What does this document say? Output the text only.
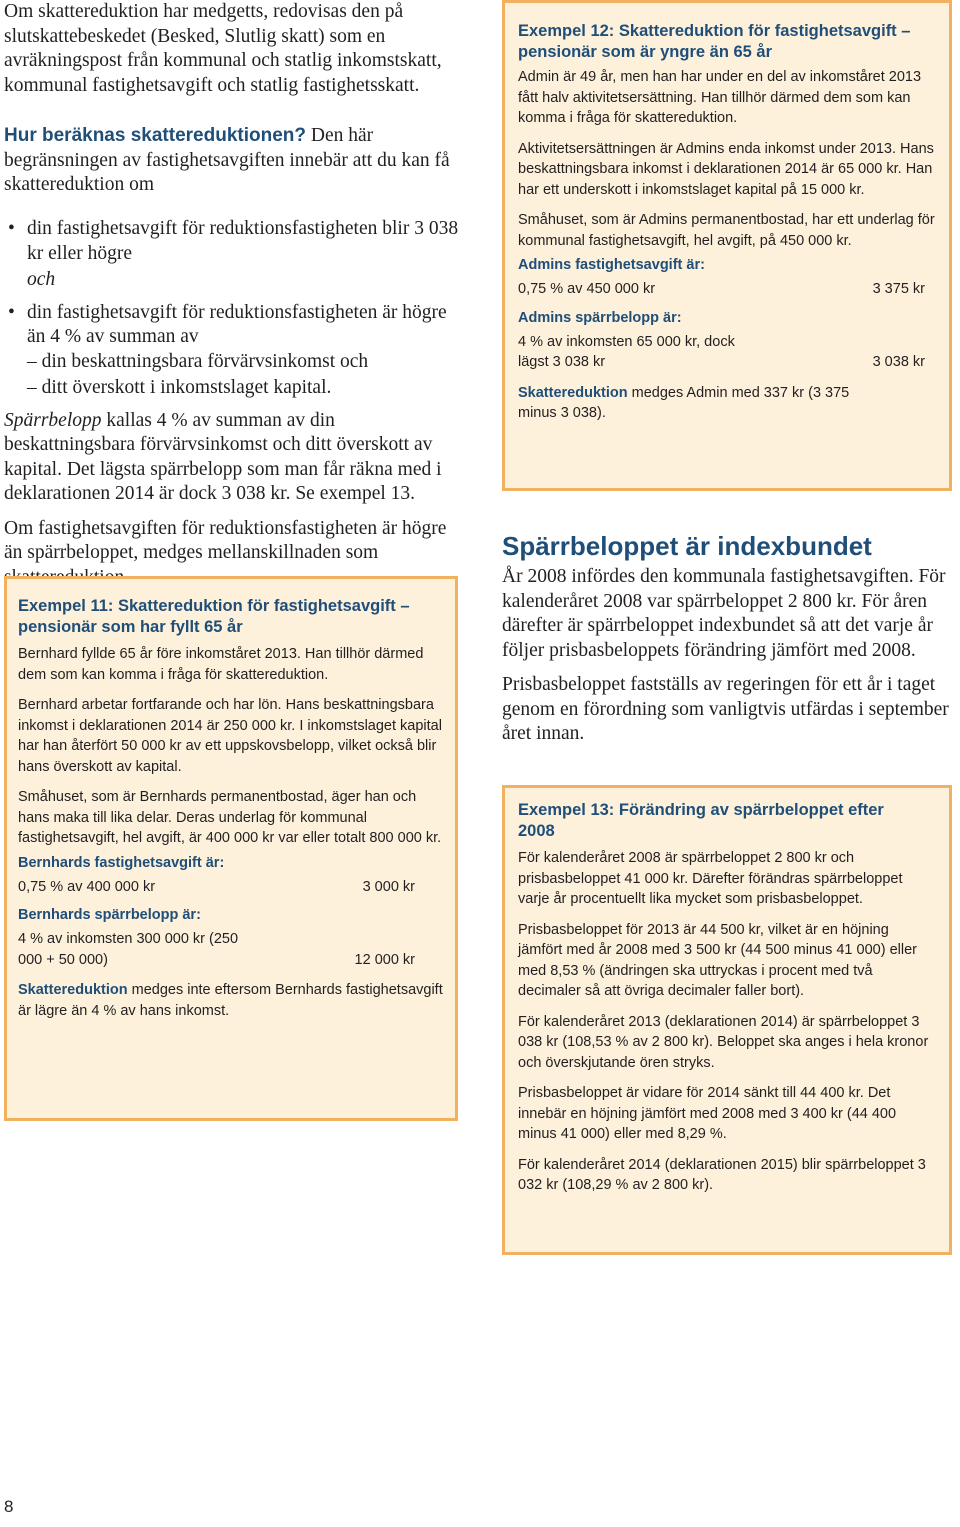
Om skattereduktion har medgetts, redovisas den på slutskattebeskedet (Besked, Slutlig skatt) som en avräkningspost från kommunal och statlig inkomstskatt, kommunal fastighetsavgift och statlig fastighetsskatt.

Hur beräknas skattereduktionen? Den här begränsningen av fastighetsavgiften innebär att du kan få skattereduktion om

• din fastighetsavgift för reduktionsfastigheten blir 3 038 kr eller högre
och
• din fastighetsavgift för reduktionsfastigheten är högre än 4 % av summan av
– din beskattningsbara förvärvsinkomst och
– ditt överskott i inkomstslaget kapital.

Spärrbelopp kallas 4 % av summan av din beskattningsbara förvärvsinkomst och ditt överskott av kapital. Det lägsta spärrbelopp som man får räkna med i deklarationen 2014 är dock 3 038 kr. Se exempel 13.

Om fastighetsavgiften för reduktionsfastigheten är högre än spärrbeloppet, medges mellanskillnaden som

Exempel 11: Skattereduktion för fastighetsavgift – pensionär som har fyllt 65 år

Bernhard fyllde 65 år före inkomståret 2013. Han tillhör därmed dem som kan komma i fråga för skattereduktion.

Bernhard arbetar fortfarande och har lön. Hans beskattningsbara inkomst i deklarationen 2014 är 250 000 kr. I inkomstslaget kapital har han återfört 50 000 kr av ett uppskovsbelopp, vilket också blir hans överskott av kapital.

Småhuset, som är Bernhards permanentbostad, äger han och hans maka till lika delar. Deras underlag för kommunal fastighetsavgift, hel avgift, är 400 000 kr var eller totalt 800 000 kr.

Bernhards fastighetsavgift är:

0,75 % av 400 000 kr	3 000 kr

Bernhards spärrbelopp är:

4 % av inkomsten 300 000 kr (250 000 + 50 000)	12 000 kr

Skattereduktion medges inte eftersom Bernhards fastighetsavgift är lägre än 4 % av hans inkomst.

Exempel 12: Skattereduktion för fastighetsavgift – pensionär som är yngre än 65 år

Admin är 49 år, men han har under en del av inkomståret 2013 fått halv aktivitetsersättning. Han tillhör därmed dem som kan komma i fråga för skattereduktion.

Aktivitetsersättningen är Admins enda inkomst under 2013. Hans beskattningsbara inkomst i deklarationen 2014 är 65 000 kr. Han har ett underskott i inkomstslaget kapital på 15 000 kr.

Småhuset, som är Admins permanentbostad, har ett underlag för kommunal fastighetsavgift, hel avgift, på 450 000 kr.

Admins fastighetsavgift är:

0,75 % av 450 000 kr	3 375 kr

Admins spärrbelopp är:

4 % av inkomsten 65 000 kr, dock lägst 3 038 kr	3 038 kr

Skattereduktion medges Admin med 337 kr (3 375 minus 3 038).

Spärrbeloppet är indexbundet

År 2008 infördes den kommunala fastighetsavgiften. För kalenderåret 2008 var spärrbeloppet 2 800 kr. För åren därefter är spärrbeloppet indexbundet så att det varje år följer prisbasbeloppets förändring jämfört med 2008.

Prisbasbeloppet fastställs av regeringen för ett år i taget genom en förordning som vanligtvis utfärdas i september året innan.

Exempel 13: Förändring av spärrbeloppet efter 2008

För kalenderåret 2008 är spärrbeloppet 2 800 kr och prisbasbeloppet 41 000 kr. Därefter förändras spärrbeloppet varje år procentuellt lika mycket som prisbasbeloppet.

Prisbasbeloppet för 2013 är 44 500 kr, vilket är en höjning jämfört med år 2008 med 3 500 kr (44 500 minus 41 000) eller med 8,53 % (ändringen ska uttryckas i procent med två decimaler så att övriga decimaler faller bort).

För kalenderåret 2013 (deklarationen 2014) är spärrbeloppet 3 038 kr (108,53 % av 2 800 kr). Beloppet ska anges i hela kronor och överskjutande ören stryks.

Prisbasbeloppet är vidare för 2014 sänkt till 44 400 kr. Det innebär en höjning jämfört med 2008 med 3 400 kr (44 400 minus 41 000) eller med 8,29 %.

För kalenderåret 2014 (deklarationen 2015) blir spärrbeloppet 3 032 kr (108,29 % av 2 800 kr).

8
